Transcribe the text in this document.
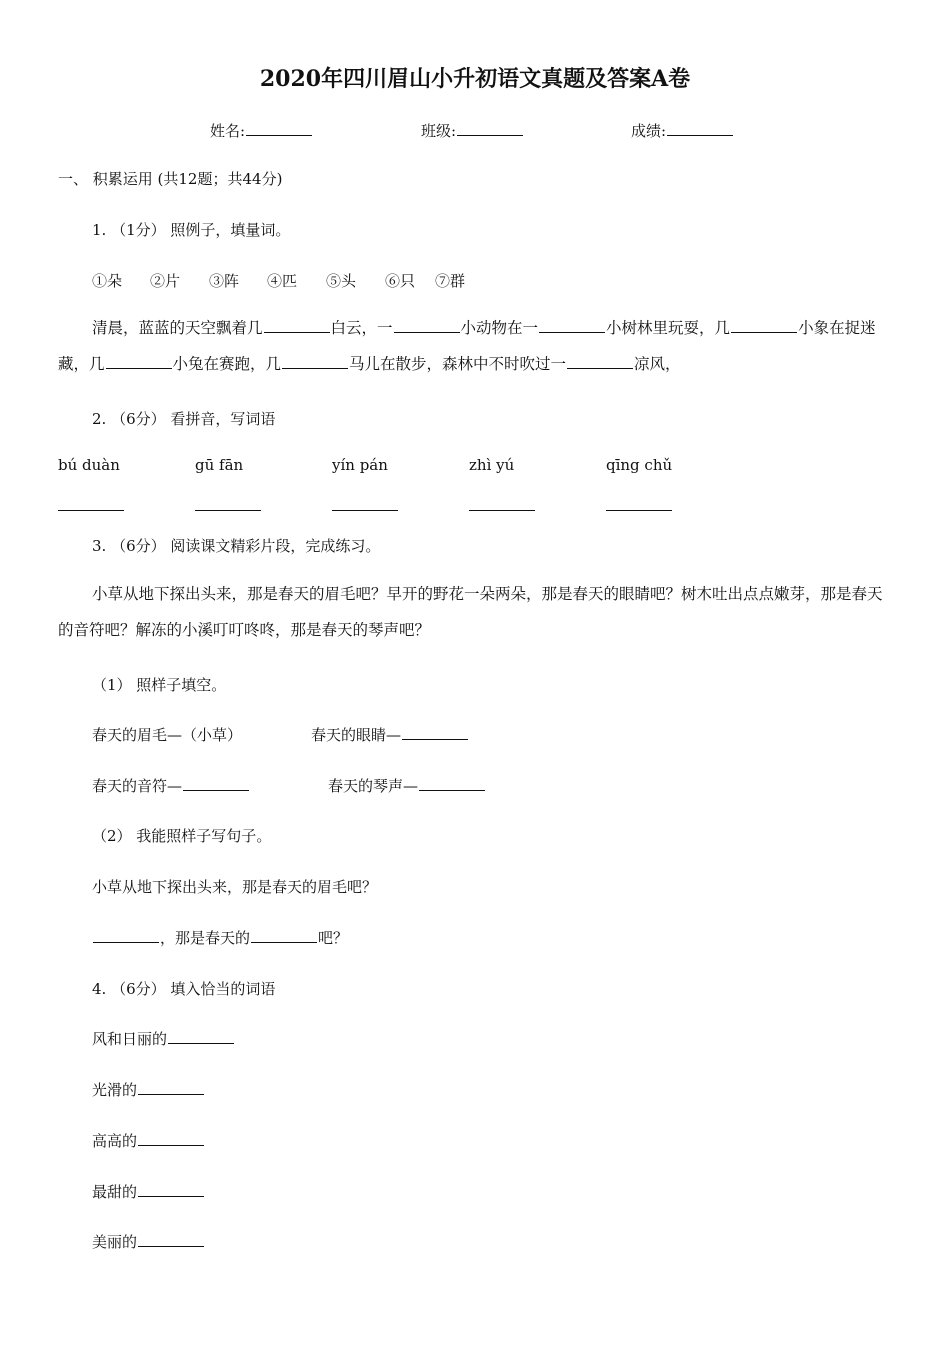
2020年四川眉山小升初语文真题及答案A卷
姓名:	班级:	成绩:
一、 积累运用 (共12题；共44分)
1. （1分） 照例子，填量词。
①朵 ②片 ③阵 ④匹 ⑤头 ⑥只 ⑦群
清晨，蓝蓝的天空飘着几	白云，一	小动物在一	小树林里玩耍，几	小象在捉迷藏，几	小兔在赛跑，几	马儿在散步，森林中不时吹过一	凉风，
2. （6分） 看拼音，写词语
bú duàn	gū fān	yín pán	zhì yú	qīng chǔ
3. （6分） 阅读课文精彩片段，完成练习。
小草从地下探出头来，那是春天的眉毛吧？早开的野花一朵两朵，那是春天的眼睛吧？树木吐出点点嫩芽，那是春天的音符吧？解冻的小溪叮叮咚咚，那是春天的琴声吧？
（1） 照样子填空。
春天的眉毛—（小草）	春天的眼睛—
春天的音符—	春天的琴声—
（2） 我能照样子写句子。
小草从地下探出头来，那是春天的眉毛吧？
，那是春天的	吧？
4. （6分） 填入恰当的词语
风和日丽的
光滑的
高高的
最甜的
美丽的
